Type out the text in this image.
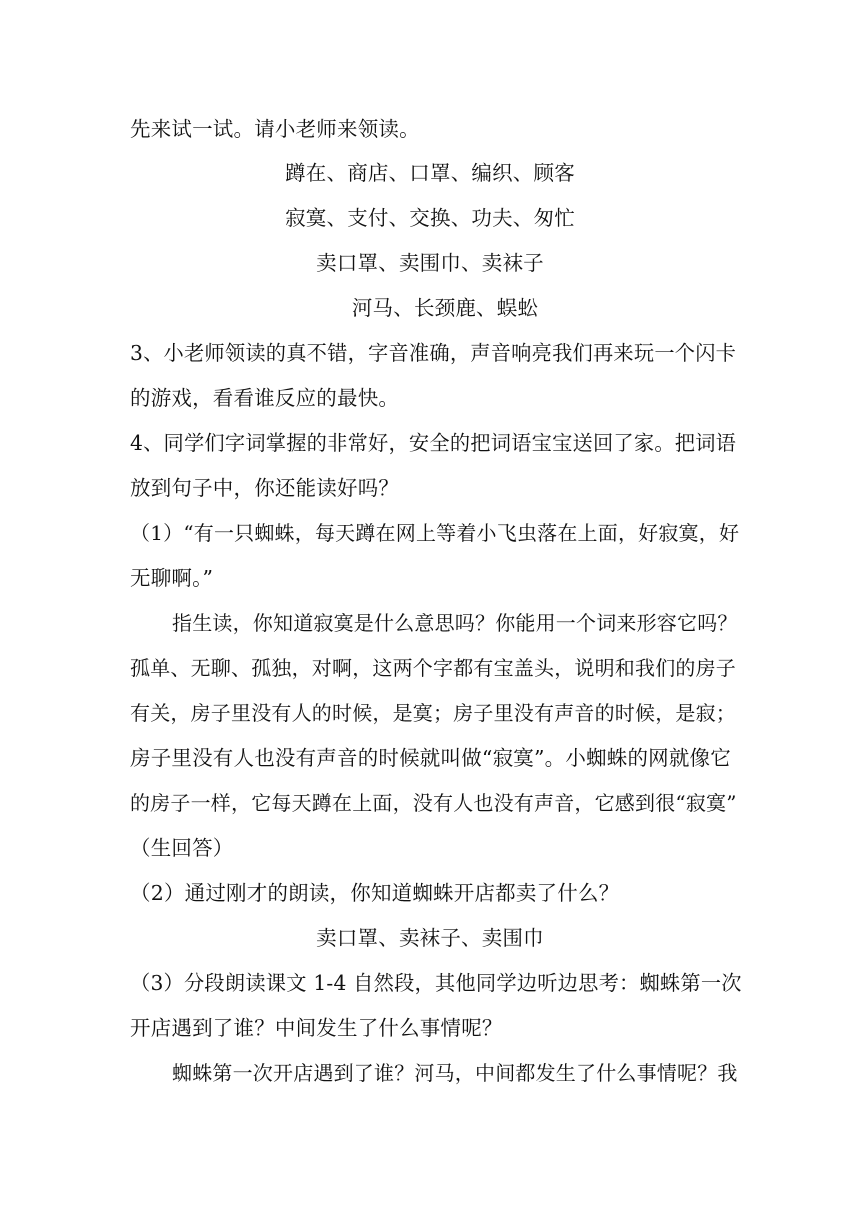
先来试一试。请小老师来领读。
蹲在、商店、口罩、编织、顾客
寂寞、支付、交换、功夫、匆忙
卖口罩、卖围巾、卖袜子
河马、长颈鹿、蜈蚣
3、小老师领读的真不错，字音准确，声音响亮我们再来玩一个闪卡
的游戏，看看谁反应的最快。
4、同学们字词掌握的非常好，安全的把词语宝宝送回了家。把词语
放到句子中，你还能读好吗？
（1）“有一只蜘蛛，每天蹲在网上等着小飞虫落在上面，好寂寞，好
无聊啊。”
指生读，你知道寂寞是什么意思吗？你能用一个词来形容它吗？
孤单、无聊、孤独，对啊，这两个字都有宝盖头，说明和我们的房子
有关，房子里没有人的时候，是寞；房子里没有声音的时候，是寂；
房子里没有人也没有声音的时候就叫做“寂寞”。小蜘蛛的网就像它
的房子一样，它每天蹲在上面，没有人也没有声音，它感到很“寂寞”
（生回答）
（2）通过刚才的朗读，你知道蜘蛛开店都卖了什么？
卖口罩、卖袜子、卖围巾
（3）分段朗读课文 1-4 自然段，其他同学边听边思考：蜘蛛第一次
开店遇到了谁？中间发生了什么事情呢？
蜘蛛第一次开店遇到了谁？河马，中间都发生了什么事情呢？我
